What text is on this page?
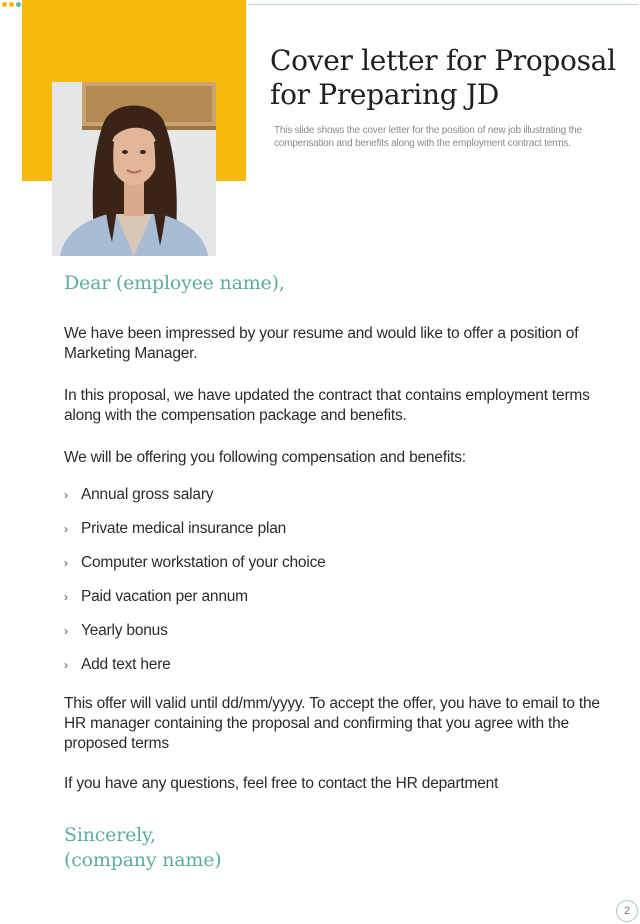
Cover letter for Proposal for Preparing JD

This slide shows the cover letter for the position of new job illustrating the compensation and benefits along with the employment contract terms.

Dear (employee name),

We have been impressed by your resume and would like to offer a position of Marketing Manager.

In this proposal, we have updated the contract that contains employment terms along with the compensation package and benefits.

We will be offering you following compensation and benefits:

› Annual gross salary
› Private medical insurance plan
› Computer workstation of your choice
› Paid vacation per annum
› Yearly bonus
› Add text here

This offer will valid until dd/mm/yyyy. To accept the offer, you have to email to the HR manager containing the proposal and confirming that you agree with the proposed terms

If you have any questions, feel free to contact the HR department

Sincerely,
(company name)
2
